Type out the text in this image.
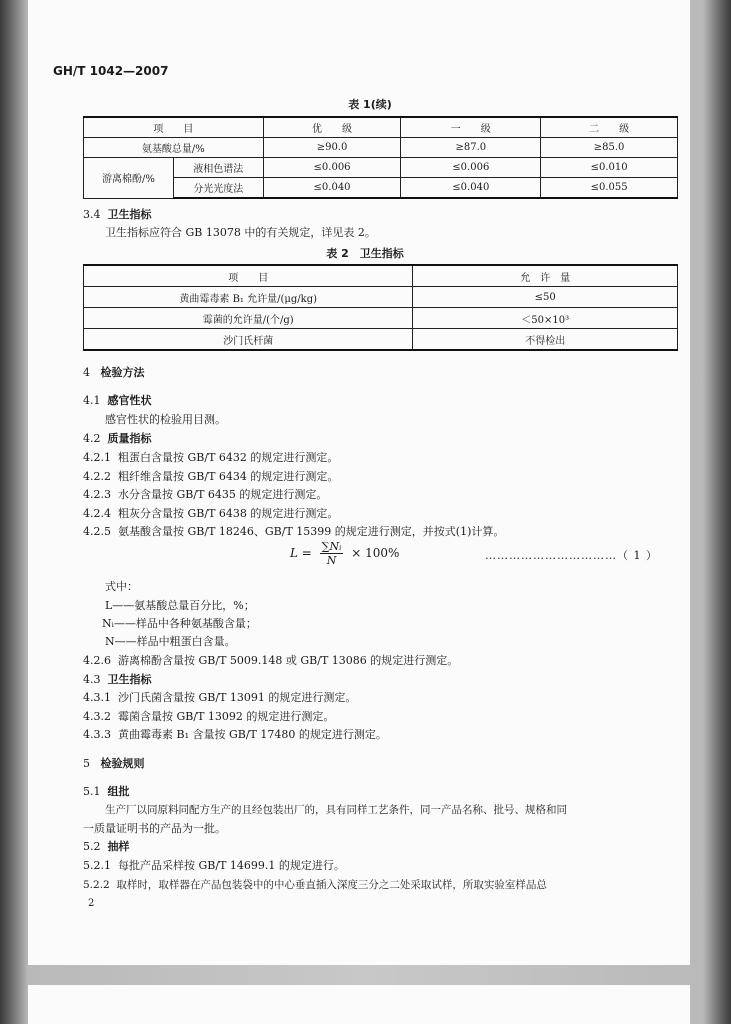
GH/T 1042—2007
表 1(续)
项　　目		优　　级	一　　级	二　　级
氨基酸总量/%		≥90.0	≥87.0	≥85.0
游离棉酚/%	液相色谱法	≤0.006	≤0.006	≤0.010
	分光光度法	≤0.040	≤0.040	≤0.055
3.4 卫生指标
卫生指标应符合 GB 13078 中的有关规定，详见表 2。
表 2　卫生指标
项　　目	允　许　量
黄曲霉毒素 B₁ 允许量/(μg/kg)	≤50
霉菌的允许量/(个/g)	＜50×10³
沙门氏杆菌	不得检出
4 检验方法
4.1 感官性状
感官性状的检验用目测。
4.2 质量指标
4.2.1 粗蛋白含量按 GB/T 6432 的规定进行测定。
4.2.2 粗纤维含量按 GB/T 6434 的规定进行测定。
4.2.3 水分含量按 GB/T 6435 的规定进行测定。
4.2.4 粗灰分含量按 GB/T 6438 的规定进行测定。
4.2.5 氨基酸含量按 GB/T 18246、GB/T 15399 的规定进行测定，并按式(1)计算。
$L = \frac{\text{∑Nᵢ}}{N} \times 100\%$	……………………………（ 1 ）
式中：
L——氨基酸总量百分比，%；
Nᵢ——样品中各种氨基酸含量；
N——样品中粗蛋白含量。
4.2.6 游离棉酚含量按 GB/T 5009.148 或 GB/T 13086 的规定进行测定。
4.3 卫生指标
4.3.1 沙门氏菌含量按 GB/T 13091 的规定进行测定。
4.3.2 霉菌含量按 GB/T 13092 的规定进行测定。
4.3.3 黄曲霉毒素 B₁ 含量按 GB/T 17480 的规定进行测定。
5 检验规则
5.1 组批
生产厂以同原料同配方生产的且经包装出厂的，具有同样工艺条件，同一产品名称、批号、规格和同
一质量证明书的产品为一批。
5.2 抽样
5.2.1 每批产品采样按 GB/T 14699.1 的规定进行。
5.2.2 取样时，取样器在产品包装袋中的中心垂直插入深度三分之二处采取试样，所取实验室样品总
2
